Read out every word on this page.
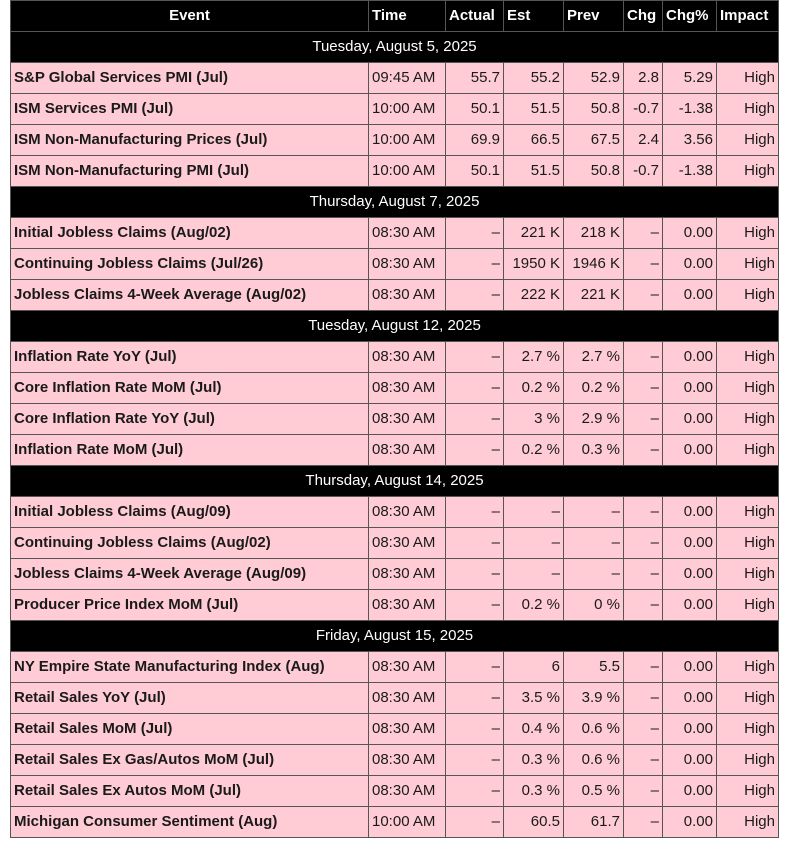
Event	Time	Actual	Est	Prev	Chg	Chg%	Impact
Tuesday, August 5, 2025							
S&P Global Services PMI (Jul)	09:45 AM	55.7	55.2	52.9	2.8	5.29	High
ISM Services PMI (Jul)	10:00 AM	50.1	51.5	50.8	-0.7	-1.38	High
ISM Non-Manufacturing Prices (Jul)	10:00 AM	69.9	66.5	67.5	2.4	3.56	High
ISM Non-Manufacturing PMI (Jul)	10:00 AM	50.1	51.5	50.8	-0.7	-1.38	High
Thursday, August 7, 2025							
Initial Jobless Claims (Aug/02)	08:30 AM	–	221 K	218 K	–	0.00	High
Continuing Jobless Claims (Jul/26)	08:30 AM	–	1950 K	1946 K	–	0.00	High
Jobless Claims 4-Week Average (Aug/02)	08:30 AM	–	222 K	221 K	–	0.00	High
Tuesday, August 12, 2025							
Inflation Rate YoY (Jul)	08:30 AM	–	2.7 %	2.7 %	–	0.00	High
Core Inflation Rate MoM (Jul)	08:30 AM	–	0.2 %	0.2 %	–	0.00	High
Core Inflation Rate YoY (Jul)	08:30 AM	–	3 %	2.9 %	–	0.00	High
Inflation Rate MoM (Jul)	08:30 AM	–	0.2 %	0.3 %	–	0.00	High
Thursday, August 14, 2025							
Initial Jobless Claims (Aug/09)	08:30 AM	–	–	–	–	0.00	High
Continuing Jobless Claims (Aug/02)	08:30 AM	–	–	–	–	0.00	High
Jobless Claims 4-Week Average (Aug/09)	08:30 AM	–	–	–	–	0.00	High
Producer Price Index MoM (Jul)	08:30 AM	–	0.2 %	0 %	–	0.00	High
Friday, August 15, 2025							
NY Empire State Manufacturing Index (Aug)	08:30 AM	–	6	5.5	–	0.00	High
Retail Sales YoY (Jul)	08:30 AM	–	3.5 %	3.9 %	–	0.00	High
Retail Sales MoM (Jul)	08:30 AM	–	0.4 %	0.6 %	–	0.00	High
Retail Sales Ex Gas/Autos MoM (Jul)	08:30 AM	–	0.3 %	0.6 %	–	0.00	High
Retail Sales Ex Autos MoM (Jul)	08:30 AM	–	0.3 %	0.5 %	–	0.00	High
Michigan Consumer Sentiment (Aug)	10:00 AM	–	60.5	61.7	–	0.00	High
